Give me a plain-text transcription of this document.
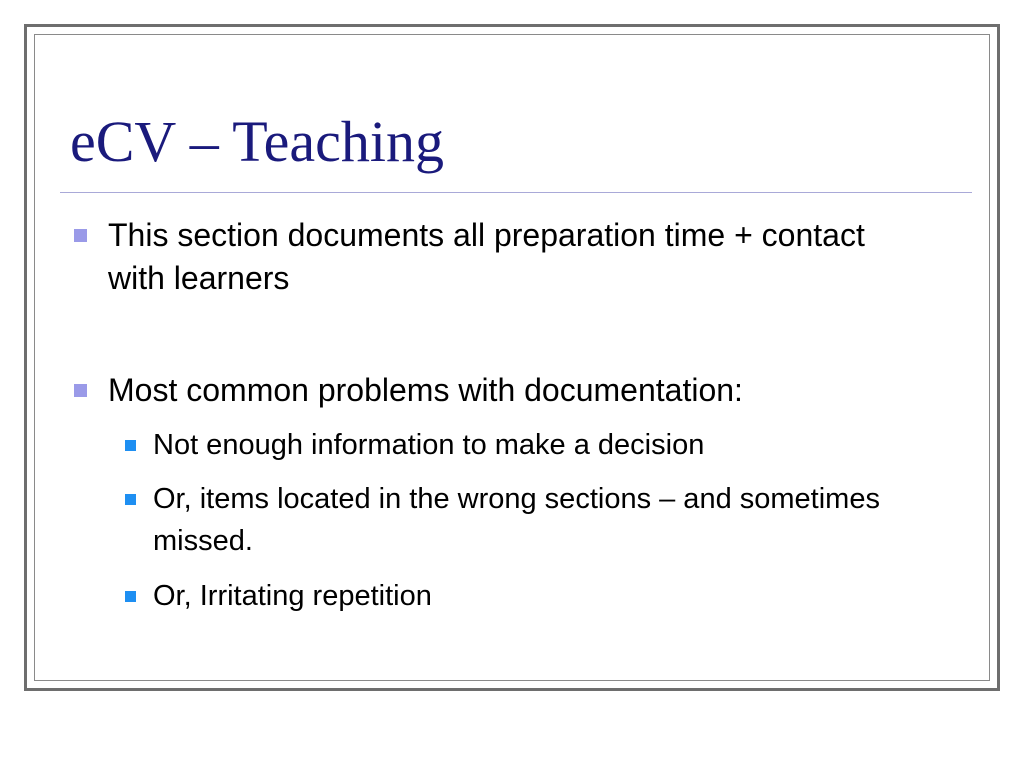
eCV – Teaching
This section documents all preparation time + contact with learners
Most common problems with documentation:
Not enough information to make a decision
Or, items located in the wrong sections – and sometimes missed.
Or, Irritating repetition
